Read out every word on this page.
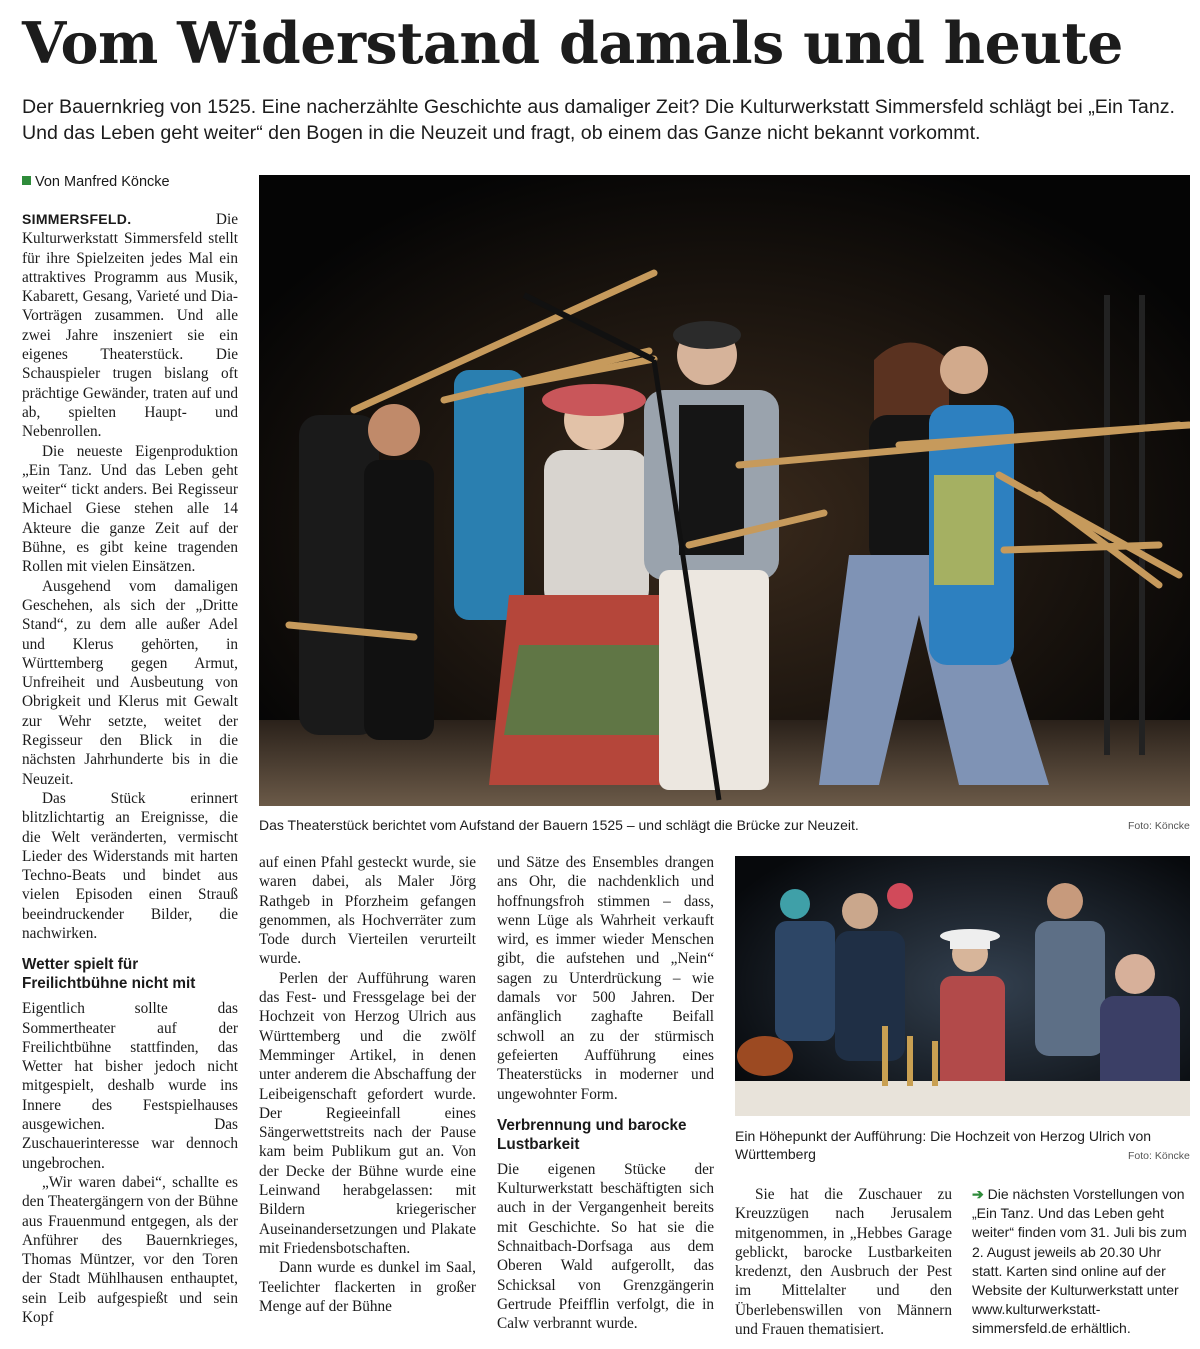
Vom Widerstand damals und heute

Der Bauernkrieg von 1525. Eine nacherzählte Geschichte aus damaliger Zeit? Die Kulturwerkstatt Simmersfeld schlägt bei „Ein Tanz. Und das Leben geht weiter“ den Bogen in die Neuzeit und fragt, ob einem das Ganze nicht bekannt vorkommt.

Von Manfred Köncke

SIMMERSFELD.	Die Kulturwerkstatt Simmersfeld stellt für ihre Spielzeiten jedes Mal ein attraktives Programm aus Musik, Kabarett, Gesang, Varieté und Dia-Vorträgen zusammen. Und alle zwei Jahre inszeniert sie ein eigenes Theaterstück. Die Schauspieler trugen bislang oft prächtige Gewänder, traten auf und ab, spielten Haupt- und Nebenrollen.

Die neueste Eigenproduktion „Ein Tanz. Und das Leben geht weiter“ tickt anders. Bei Regisseur Michael Giese stehen alle 14 Akteure die ganze Zeit auf der Bühne, es gibt keine tragenden Rollen mit vielen Einsätzen.

Ausgehend vom damaligen Geschehen, als sich der „Dritte Stand“, zu dem alle außer Adel und Klerus gehörten, in Württemberg gegen Armut, Unfreiheit und Ausbeutung von Obrigkeit und Klerus mit Gewalt zur Wehr setzte, weitet der Regisseur den Blick in die nächsten Jahrhunderte bis in die Neuzeit.

Das Stück erinnert blitzlichtartig an Ereignisse, die die Welt veränderten, vermischt Lieder des Widerstands mit harten Techno-Beats und bindet aus vielen Episoden einen Strauß beeindruckender Bilder, die nachwirken.

Wetter spielt für Freilichtbühne nicht mit

Eigentlich sollte das Sommertheater auf der Freilichtbühne stattfinden, das Wetter hat bisher jedoch nicht mitgespielt, deshalb wurde ins Innere des Festspielhauses ausgewichen. Das Zuschauerinteresse war dennoch ungebrochen.

„Wir waren dabei“, schallte es den Theatergängern von der Bühne aus Frauenmund entgegen, als der Anführer des Bauernkrieges, Thomas Müntzer, vor den Toren der Stadt Mühlhausen enthauptet, sein Leib aufgespießt und sein Kopf

Das Theaterstück berichtet vom Aufstand der Bauern 1525 – und schlägt die Brücke zur Neuzeit.	Foto: Köncke

auf einen Pfahl gesteckt wurde, sie waren dabei, als Maler Jörg Rathgeb in Pforzheim gefangen genommen, als Hochverräter zum Tode durch Vierteilen verurteilt wurde.

Perlen der Aufführung waren das Fest- und Fressgelage bei der Hochzeit von Herzog Ulrich aus Württemberg und die zwölf Memminger Artikel, in denen unter anderem die Abschaffung der Leibeigenschaft gefordert wurde. Der Regieeinfall eines Sängerwettstreits nach der Pause kam beim Publikum gut an. Von der Decke der Bühne wurde eine Leinwand herabgelassen: mit Bildern kriegerischer Auseinandersetzungen und Plakate mit Friedensbotschaften.

Dann wurde es dunkel im Saal, Teelichter flackerten in großer Menge auf der Bühne

und Sätze des Ensembles drangen ans Ohr, die nachdenklich und hoffnungsfroh stimmen – dass, wenn Lüge als Wahrheit verkauft wird, es immer wieder Menschen gibt, die aufstehen und „Nein“ sagen zu Unterdrückung – wie damals vor 500 Jahren. Der anfänglich zaghafte Beifall schwoll an zu der stürmisch gefeierten Aufführung eines Theaterstücks in moderner und ungewohnter Form.

Verbrennung und barocke Lustbarkeit

Die eigenen Stücke der Kulturwerkstatt beschäftigten sich auch in der Vergangenheit bereits mit Geschichte. So hat sie die Schnaitbach-Dorfsaga aus dem Oberen Wald aufgerollt, das Schicksal von Grenzgängerin Gertrude Pfeifflin verfolgt, die in Calw verbrannt wurde.

Ein Höhepunkt der Aufführung: Die Hochzeit von Herzog Ulrich von Württemberg	Foto: Köncke

Sie hat die Zuschauer zu Kreuzzügen nach Jerusalem mitgenommen, in „Hebbes Garage geblickt, barocke Lustbarkeiten kredenzt, den Ausbruch der Pest im Mittelalter und den Überlebenswillen von Männern und Frauen thematisiert.

➔ Die nächsten Vorstellungen von „Ein Tanz. Und das Leben geht weiter“ finden vom 31. Juli bis zum 2. August jeweils ab 20.30 Uhr statt. Karten sind online auf der Website der Kulturwerkstatt unter www.kulturwerkstatt-simmersfeld.de erhältlich.
